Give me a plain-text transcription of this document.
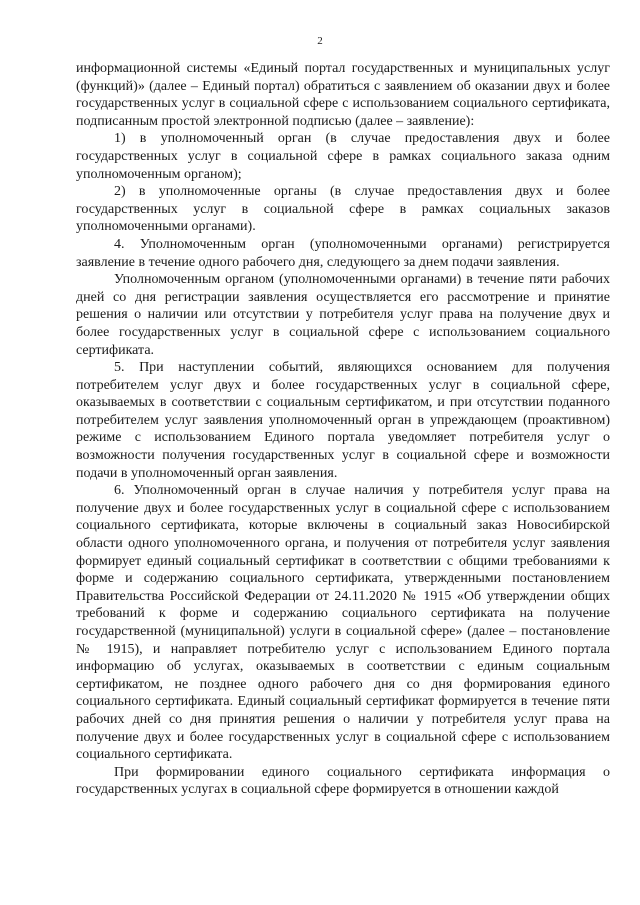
2

информационной системы «Единый портал государственных и муниципальных услуг (функций)» (далее – Единый портал) обратиться с заявлением об оказании двух и более государственных услуг в социальной сфере с использованием социального сертификата, подписанным простой электронной подписью (далее – заявление):

1) в уполномоченный орган (в случае предоставления двух и более государственных услуг в социальной сфере в рамках социального заказа одним уполномоченным органом);

2) в уполномоченные органы (в случае предоставления двух и более государственных услуг в социальной сфере в рамках социальных заказов уполномоченными органами).

4. Уполномоченным орган (уполномоченными органами) регистрируется заявление в течение одного рабочего дня, следующего за днем подачи заявления.

Уполномоченным органом (уполномоченными органами) в течение пяти рабочих дней со дня регистрации заявления осуществляется его рассмотрение и принятие решения о наличии или отсутствии у потребителя услуг права на получение двух и более государственных услуг в социальной сфере с использованием социального сертификата.

5. При наступлении событий, являющихся основанием для получения потребителем услуг двух и более государственных услуг в социальной сфере, оказываемых в соответствии с социальным сертификатом, и при отсутствии поданного потребителем услуг заявления уполномоченный орган в упреждающем (проактивном) режиме с использованием Единого портала уведомляет потребителя услуг о возможности получения государственных услуг в социальной сфере и возможности подачи в уполномоченный орган заявления.

6. Уполномоченный орган в случае наличия у потребителя услуг права на получение двух и более государственных услуг в социальной сфере с использованием социального сертификата, которые включены в социальный заказ Новосибирской области одного уполномоченного органа, и получения от потребителя услуг заявления формирует единый социальный сертификат в соответствии с общими требованиями к форме и содержанию социального сертификата, утвержденными постановлением Правительства Российской Федерации от 24.11.2020 № 1915 «Об утверждении общих требований к форме и содержанию социального сертификата на получение государственной (муниципальной) услуги в социальной сфере» (далее – постановление № 1915), и направляет потребителю услуг с использованием Единого портала информацию об услугах, оказываемых в соответствии с единым социальным сертификатом, не позднее одного рабочего дня со дня формирования единого социального сертификата. Единый социальный сертификат формируется в течение пяти рабочих дней со дня принятия решения о наличии у потребителя услуг права на получение двух и более государственных услуг в социальной сфере с использованием социального сертификата.

При формировании единого социального сертификата информация о государственных услугах в социальной сфере формируется в отношении каждой
